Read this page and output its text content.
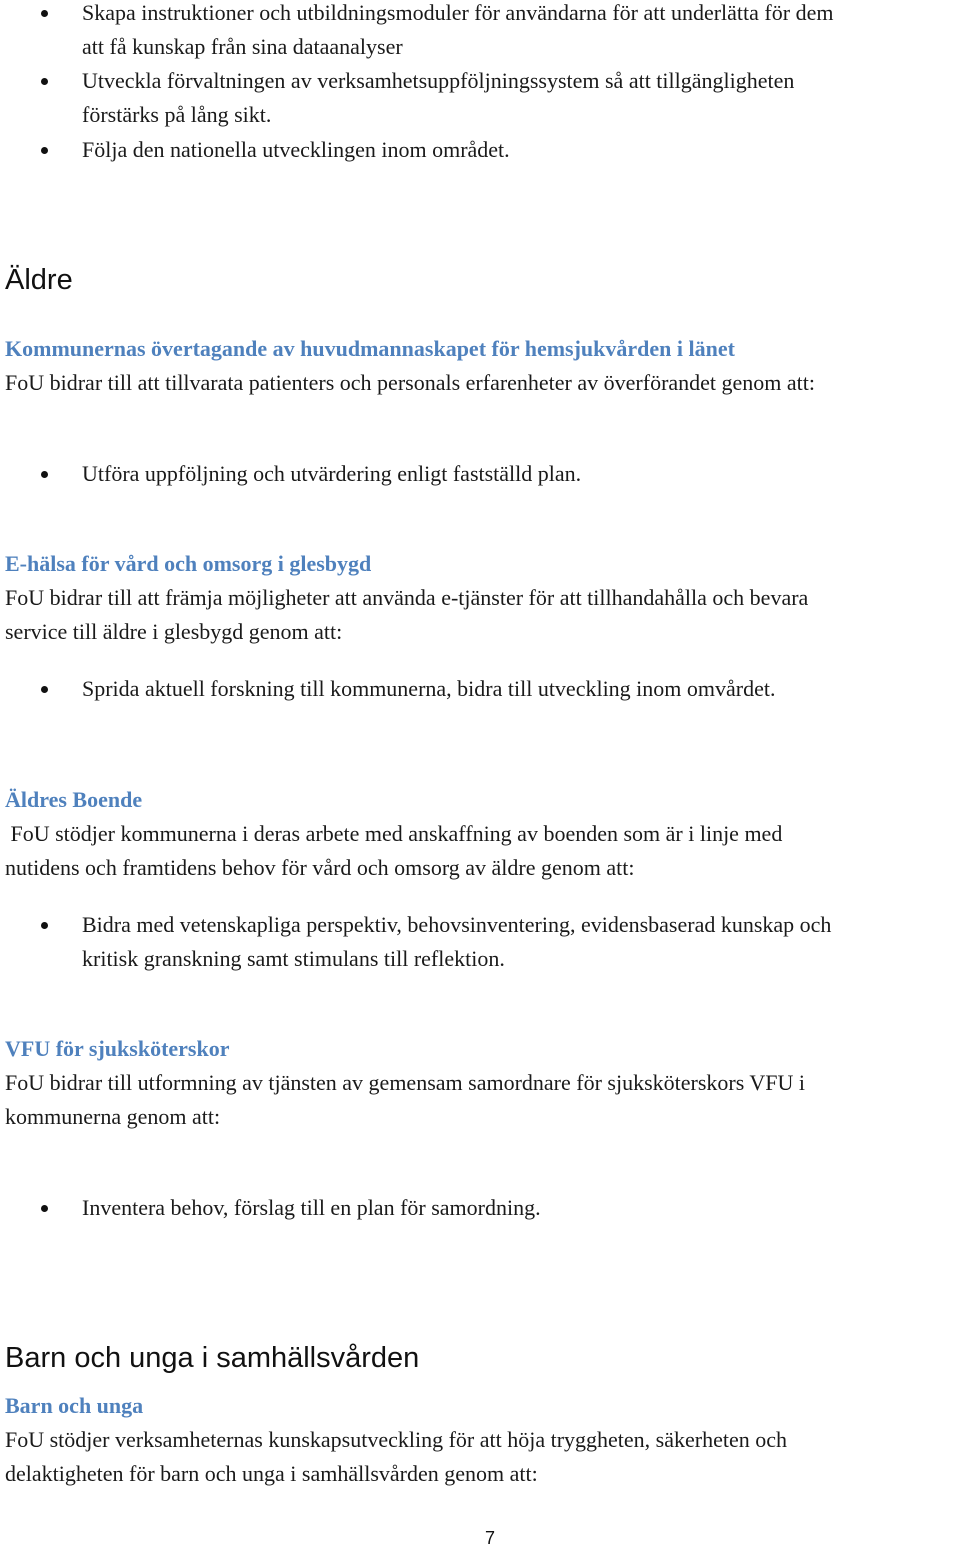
Skapa instruktioner och utbildningsmoduler för användarna för att underlätta för dem
att få kunskap från sina dataanalyser
Utveckla förvaltningen av verksamhetsuppföljningssystem så att tillgängligheten
förstärks på lång sikt.
Följa den nationella utvecklingen inom området.
Äldre
Kommunernas övertagande av huvudmannaskapet för hemsjukvården i länet
FoU bidrar till att tillvarata patienters och personals erfarenheter av överförandet genom att:
Utföra uppföljning och utvärdering enligt fastställd plan.
E-hälsa för vård och omsorg i glesbygd
FoU bidrar till att främja möjligheter att använda e-tjänster för att tillhandahålla och bevara
service till äldre i glesbygd genom att:
Sprida aktuell forskning till kommunerna, bidra till utveckling inom omvårdet.
Äldres Boende
FoU stödjer kommunerna i deras arbete med anskaffning av boenden som är i linje med
nutidens och framtidens behov för vård och omsorg av äldre genom att:
Bidra med vetenskapliga perspektiv, behovsinventering, evidensbaserad kunskap och
kritisk granskning samt stimulans till reflektion.
VFU för sjuksköterskor
FoU bidrar till utformning av tjänsten av gemensam samordnare för sjuksköterskors VFU i
kommunerna genom att:
Inventera behov, förslag till en plan för samordning.
Barn och unga i samhällsvården
Barn och unga
FoU stödjer verksamheternas kunskapsutveckling för att höja tryggheten, säkerheten och
delaktigheten för barn och unga i samhällsvården genom att:
7
